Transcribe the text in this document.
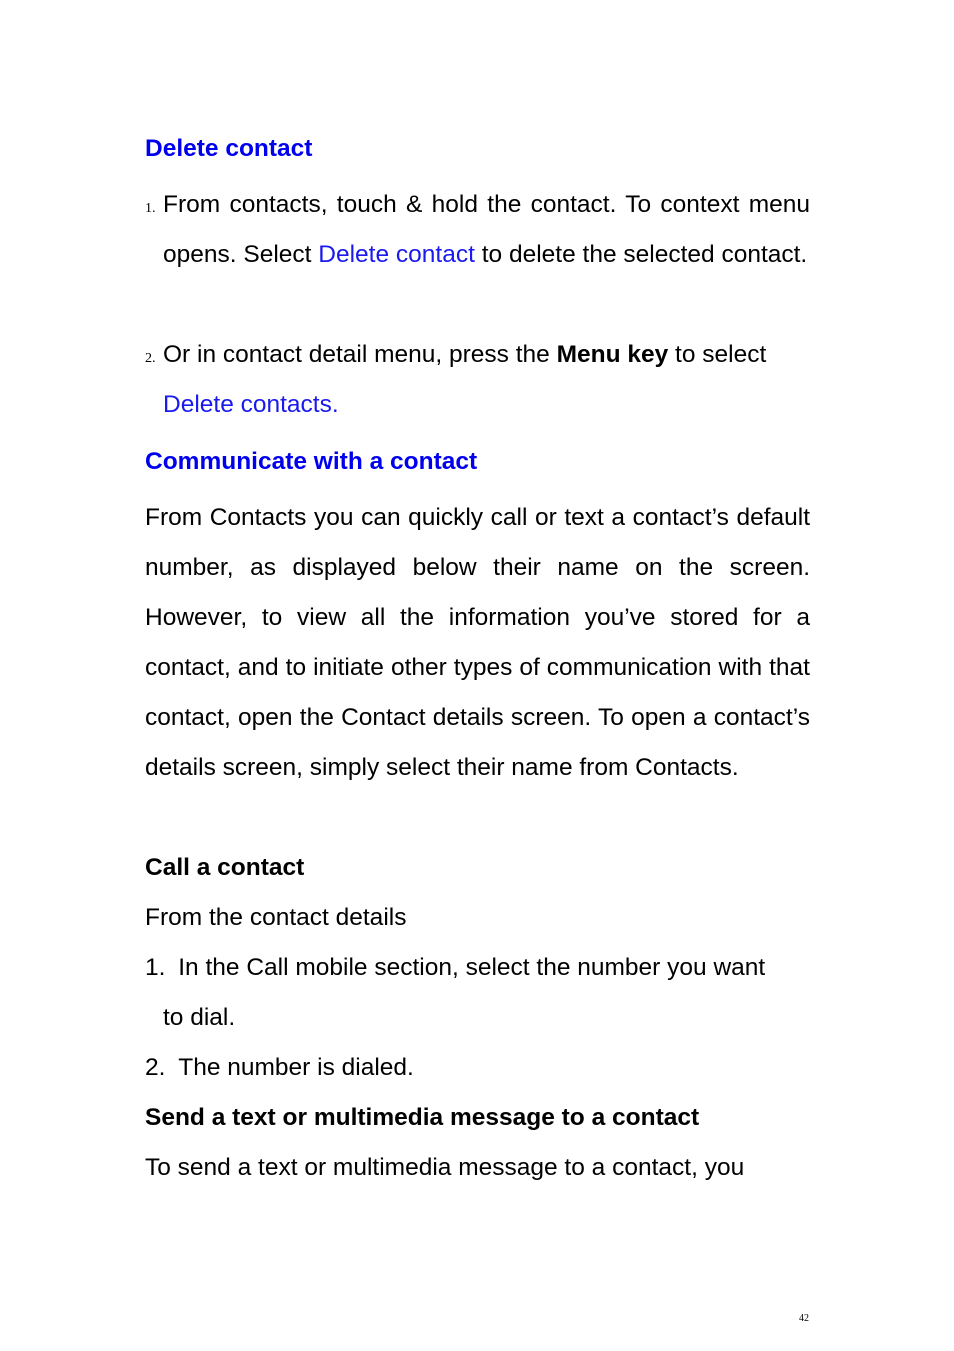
Delete contact
1. From contacts, touch & hold the contact. To context menu opens. Select Delete contact to delete the selected contact.
2. Or in contact detail menu, press the Menu key to select
Delete contacts.
Communicate with a contact
From Contacts you can quickly call or text a contact’s default number, as displayed below their name on the screen. However, to view all the information you’ve stored for a contact, and to initiate other types of communication with that contact, open the Contact details screen. To open a contact’s details screen, simply select their name from Contacts.
Call a contact
From the contact details
1. In the Call mobile section, select the number you want

to dial.
2. The number is dialed.
Send a text or multimedia message to a contact
To send a text or multimedia message to a contact, you
42
